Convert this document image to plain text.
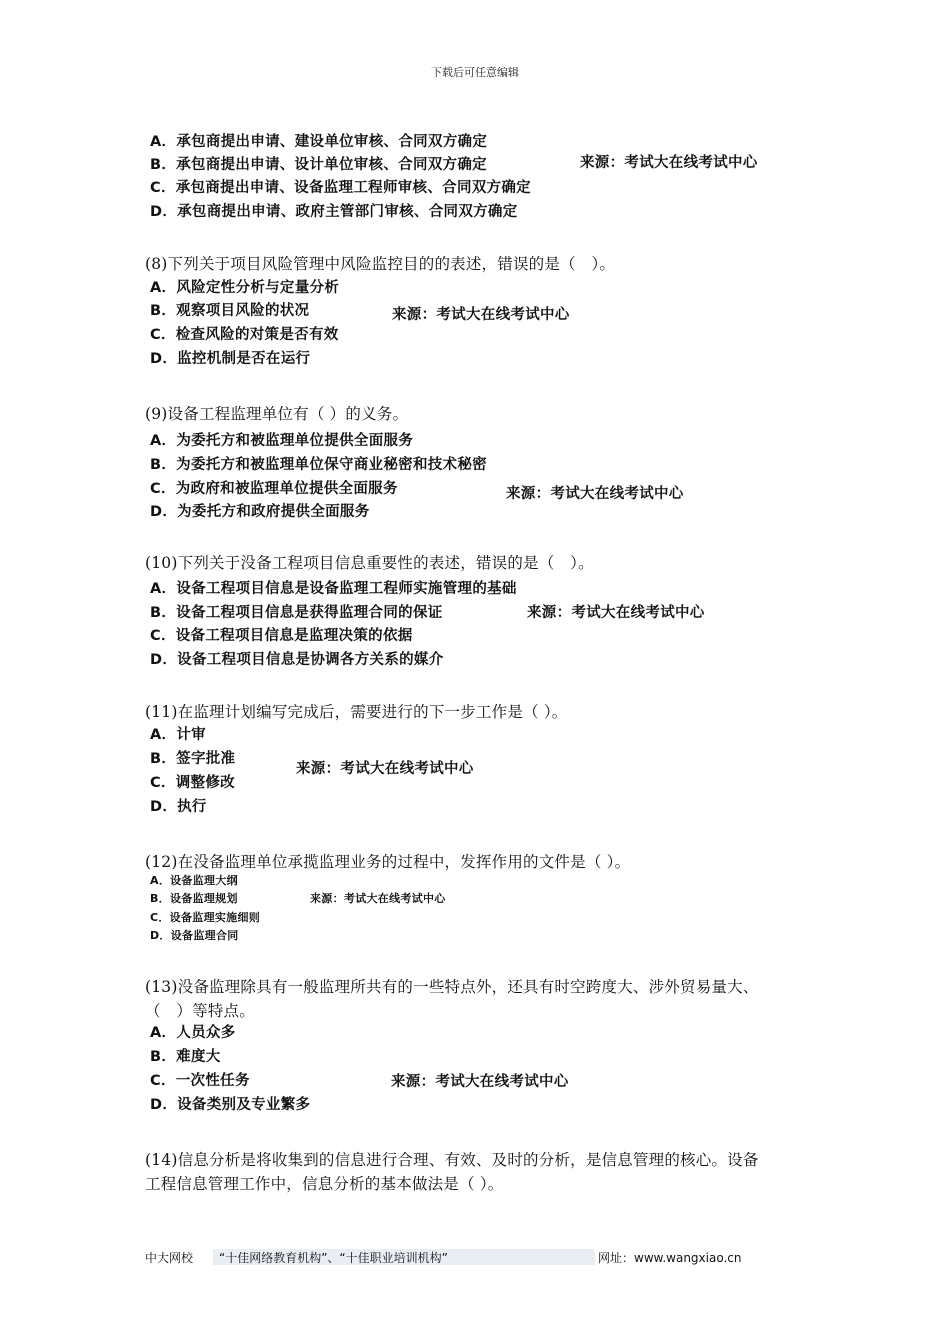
下载后可任意编辑
A．承包商提出申请、建设单位审核、合同双方确定
B．承包商提出申请、设计单位审核、合同双方确定
C．承包商提出申请、设备监理工程师审核、合同双方确定
D．承包商提出申请、政府主管部门审核、合同双方确定
来源：考试大在线考试中心
(8)下列关于项目风险管理中风险监控目的的表述，错误的是（　）。
A．风险定性分析与定量分析
B．观察项目风险的状况
C．检查风险的对策是否有效
D．监控机制是否在运行
来源：考试大在线考试中心
(9)设备工程监理单位有（ ）的义务。
A．为委托方和被监理单位提供全面服务
B．为委托方和被监理单位保守商业秘密和技术秘密
C．为政府和被监理单位提供全面服务
D．为委托方和政府提供全面服务
来源：考试大在线考试中心
(10)下列关于没备工程项目信息重要性的表述，错误的是（　）。
A．设备工程项目信息是设备监理工程师实施管理的基础
B．设备工程项目信息是获得监理合同的保证
C．设备工程项目信息是监理决策的依据
D．设备工程项目信息是协调各方关系的媒介
来源：考试大在线考试中心
(11)在监理计划编写完成后，需要进行的下一步工作是（ ）。
A．计审
B．签字批准
C．调整修改
D．执行
来源：考试大在线考试中心
(12)在没备监理单位承揽监理业务的过程中，发挥作用的文件是（ ）。
A．设备监理大纲
B．设备监理规划
C．设备监理实施细则
D．设备监理合同
来源：考试大在线考试中心
(13)没备监理除具有一般监理所共有的一些特点外，还具有时空跨度大、涉外贸易量大、
（　）等特点。
A．人员众多
B．难度大
C．一次性任务
D．设备类别及专业繁多
来源：考试大在线考试中心
(14)信息分析是将收集到的信息进行合理、有效、及时的分析，是信息管理的核心。设备
工程信息管理工作中，信息分析的基本做法是（ ）。
中大网校	“十佳网络教育机构”、“十佳职业培训机构”	网址：www.wangxiao.cn
